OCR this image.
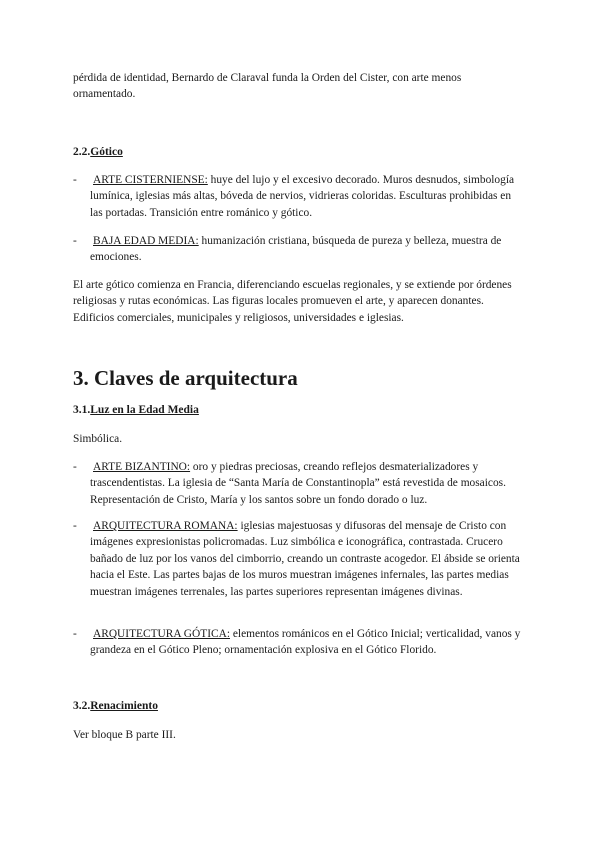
pérdida de identidad, Bernardo de Claraval funda la Orden del Cister, con arte menos ornamentado.

2.2.Gótico
- ARTE CISTERNIENSE: huye del lujo y el excesivo decorado. Muros desnudos, simbología lumínica, iglesias más altas, bóveda de nervios, vidrieras coloridas. Esculturas prohibidas en las portadas. Transición entre románico y gótico.
- BAJA EDAD MEDIA: humanización cristiana, búsqueda de pureza y belleza, muestra de emociones.

El arte gótico comienza en Francia, diferenciando escuelas regionales, y se extiende por órdenes religiosas y rutas económicas. Las figuras locales promueven el arte, y aparecen donantes. Edificios comerciales, municipales y religiosos, universidades e iglesias.

3. Claves de arquitectura
3.1.Luz en la Edad Media

Simbólica.

- ARTE BIZANTINO: oro y piedras preciosas, creando reflejos desmaterializadores y trascendentistas. La iglesia de “Santa María de Constantinopla” está revestida de mosaicos. Representación de Cristo, María y los santos sobre un fondo dorado o luz.
- ARQUITECTURA ROMANA: iglesias majestuosas y difusoras del mensaje de Cristo con imágenes expresionistas policromadas. Luz simbólica e iconográfica, contrastada. Crucero bañado de luz por los vanos del cimborrio, creando un contraste acogedor. El ábside se orienta hacia el Este. Las partes bajas de los muros muestran imágenes infernales, las partes medias muestran imágenes terrenales, las partes superiores representan imágenes divinas.
- ARQUITECTURA GÓTICA: elementos románicos en el Gótico Inicial; verticalidad, vanos y grandeza en el Gótico Pleno; ornamentación explosiva en el Gótico Florido.
3.2.Renacimiento

Ver bloque B parte III.
